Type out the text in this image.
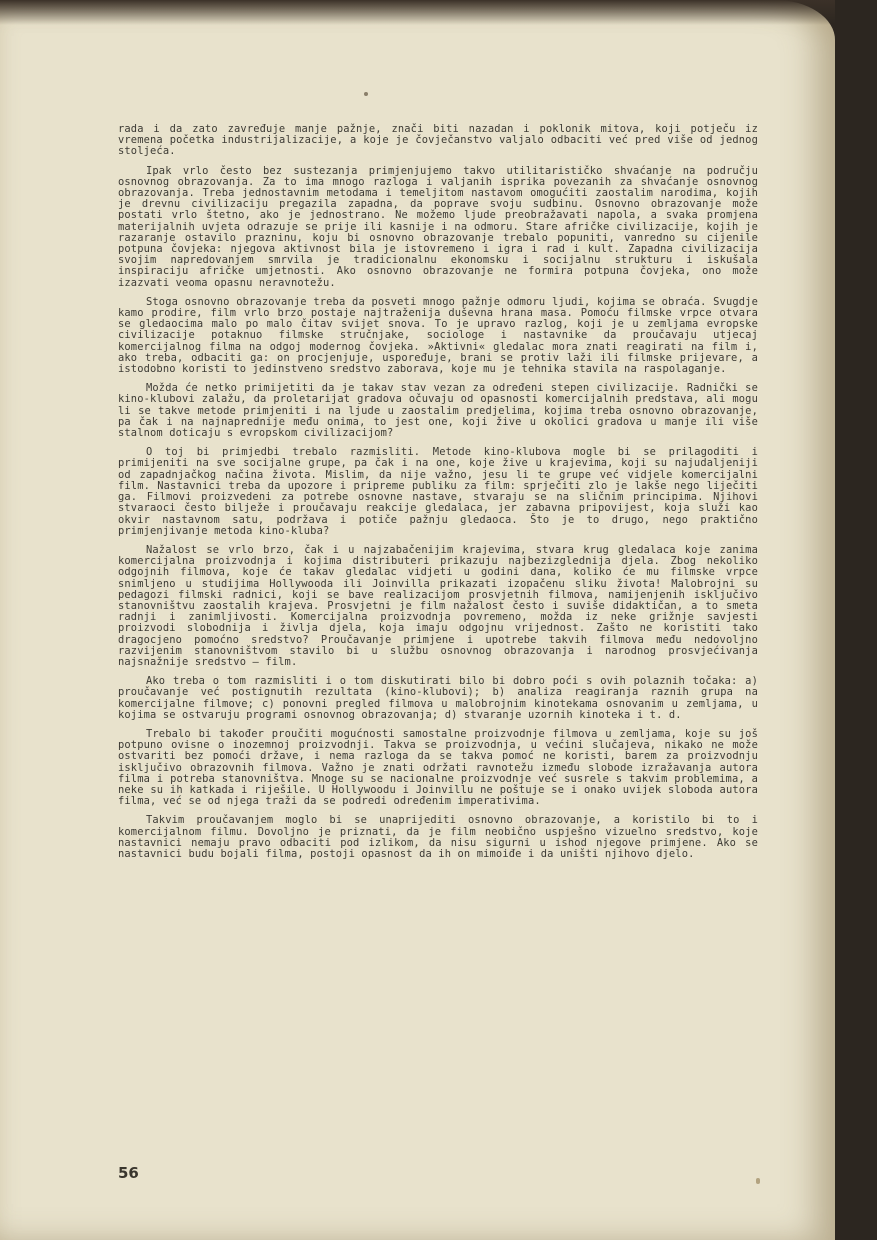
rada i da zato zavređuje manje pažnje, znači biti nazadan i poklonik mitova, koji potječu iz vremena početka industrijalizacije, a koje je čovječanstvo valjalo odbaciti već pred više od jednog stoljeća.

Ipak vrlo često bez sustezanja primjenjujemo takvo utilitarističko shvaćanje na području osnovnog obrazovanja. Za to ima mnogo razloga i valjanih isprika povezanih za shvaćanje osnovnog obrazovanja. Treba jednostavnim metodama i temeljitom nastavom omogućiti zaostalim narodima, kojih je drevnu civilizaciju pregazila zapadna, da poprave svoju sudbinu. Osnovno obrazovanje može postati vrlo štetno, ako je jednostrano. Ne možemo ljude preobražavati napola, a svaka promjena materijalnih uvjeta odrazuje se prije ili kasnije i na odmoru. Stare afričke civilizacije, kojih je razaranje ostavilo prazninu, koju bi osnovno obrazovanje trebalo popuniti, vanredno su cijenile potpuna čovjeka: njegova aktivnost bila je istovremeno i igra i rad i kult. Zapadna civilizacija svojim napredovanjem smrvila je tradicionalnu ekonomsku i socijalnu strukturu i iskušala inspiraciju afričke umjetnosti. Ako osnovno obrazovanje ne formira potpuna čovjeka, ono može izazvati veoma opasnu neravnotežu.

Stoga osnovno obrazovanje treba da posveti mnogo pažnje odmoru ljudi, kojima se obraća. Svugdje kamo prodire, film vrlo brzo postaje najtraženija duševna hrana masa. Pomoću filmske vrpce otvara se gledaocima malo po malo čitav svijet snova. To je upravo razlog, koji je u zemljama evropske civilizacije potaknuo filmske stručnjake, sociologe i nastavnike da proučavaju utjecaj komercijalnog filma na odgoj modernog čovjeka. »Aktivni« gledalac mora znati reagirati na film i, ako treba, odbaciti ga: on procjenjuje, uspoređuje, brani se protiv laži ili filmske prijevare, a istodobno koristi to jedinstveno sredstvo zaborava, koje mu je tehnika stavila na raspolaganje.

Možda će netko primijetiti da je takav stav vezan za određeni stepen civilizacije. Radnički se kino-klubovi zalažu, da proletarijat gradova očuvaju od opasnosti komercijalnih predstava, ali mogu li se takve metode primjeniti i na ljude u zaostalim predjelima, kojima treba osnovno obrazovanje, pa čak i na najnaprednije među onima, to jest one, koji žive u okolici gradova u manje ili više stalnom doticaju s evropskom civilizacijom?

O toj bi primjedbi trebalo razmisliti. Metode kino-klubova mogle bi se prilagoditi i primijeniti na sve socijalne grupe, pa čak i na one, koje žive u krajevima, koji su najudaljeniji od zapadnjačkog načina života. Mislim, da nije važno, jesu li te grupe već vidjele komercijalni film. Nastavnici treba da upozore i pripreme publiku za film: sprječiti zlo je lakše nego liječiti ga. Filmovi proizvedeni za potrebe osnovne nastave, stvaraju se na sličnim principima. Njihovi stvaraoci često bilježe i proučavaju reakcije gledalaca, jer zabavna pripovijest, koja služi kao okvir nastavnom satu, podržava i potiče pažnju gledaoca. Što je to drugo, nego praktično primjenjivanje metoda kino-kluba?

Nažalost se vrlo brzo, čak i u najzabačenijim krajevima, stvara krug gledalaca koje zanima komercijalna proizvodnja i kojima distributeri prikazuju najbezizglednija djela. Zbog nekoliko odgojnih filmova, koje će takav gledalac vidjeti u godini dana, koliko će mu filmske vrpce snimljeno u studijima Hollywooda ili Joinvilla prikazati izopačenu sliku života! Malobrojni su pedagozi filmski radnici, koji se bave realizacijom prosvjetnih filmova, namijenjenih isključivo stanovništvu zaostalih krajeva. Prosvjetni je film nažalost često i suviše didaktičan, a to smeta radnji i zanimljivosti. Komercijalna proizvodnja povremeno, možda iz neke grižnje savjesti proizvodi slobodnija i življa djela, koja imaju odgojnu vrijednost. Zašto ne koristiti tako dragocjeno pomoćno sredstvo? Proučavanje primjene i upotrebe takvih filmova među nedovoljno razvijenim stanovništvom stavilo bi u službu osnovnog obrazovanja i narodnog prosvjećivanja najsnažnije sredstvo — film.

Ako treba o tom razmisliti i o tom diskutirati bilo bi dobro poći s ovih polaznih točaka: a) proučavanje već postignutih rezultata (kino-klubovi); b) analiza reagiranja raznih grupa na komercijalne filmove; c) ponovni pregled filmova u malobrojnim kinotekama osnovanim u zemljama, u kojima se ostvaruju programi osnovnog obrazovanja; d) stvaranje uzornih kinoteka i t. d.

Trebalo bi također proučiti mogućnosti samostalne proizvodnje filmova u zemljama, koje su još potpuno ovisne o inozemnoj proizvodnji. Takva se proizvodnja, u većini slučajeva, nikako ne može ostvariti bez pomoći države, i nema razloga da se takva pomoć ne koristi, barem za proizvodnju isključivo obrazovnih filmova. Važno je znati održati ravnotežu između slobode izražavanja autora filma i potreba stanovništva. Mnoge su se nacionalne proizvodnje već susrele s takvim problemima, a neke su ih katkada i riješile. U Hollywoodu i Joinvillu ne poštuje se i onako uvijek sloboda autora filma, već se od njega traži da se podredi određenim imperativima.

Takvim proučavanjem moglo bi se unaprijediti osnovno obrazovanje, a koristilo bi to i komercijalnom filmu. Dovoljno je priznati, da je film neobično uspješno vizuelno sredstvo, koje nastavnici nemaju pravo odbaciti pod izlikom, da nisu sigurni u ishod njegove primjene. Ako se nastavnici budu bojali filma, postoji opasnost da ih on mimoiđe i da uništi njihovo djelo.

56
